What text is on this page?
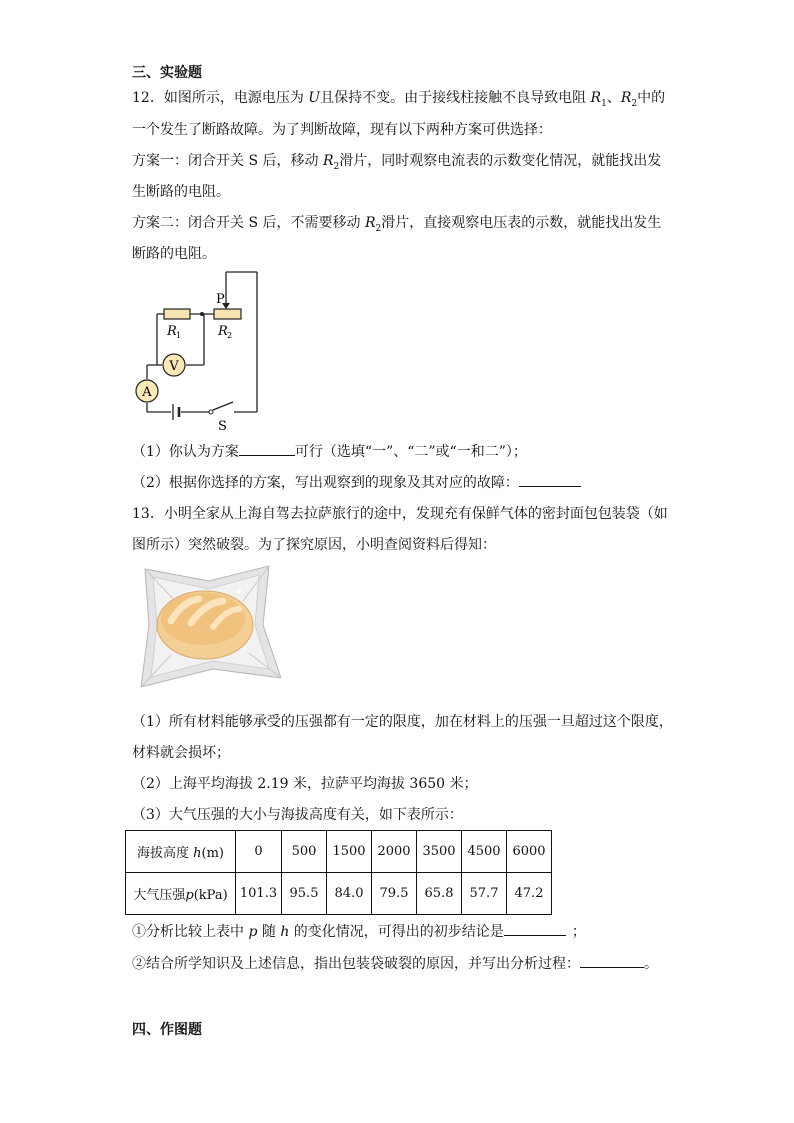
三、实验题
12．如图所示，电源电压为 U且保持不变。由于接线柱接触不良导致电阻 $R_1$、$R_2$中的
一个发生了断路故障。为了判断故障，现有以下两种方案可供选择：
方案一：闭合开关 S 后，移动 $R_2$滑片，同时观察电流表的示数变化情况，就能找出发
生断路的电阻。
方案二：闭合开关 S 后，不需要移动 $R_2$滑片，直接观察电压表的示数，就能找出发生
断路的电阻。
V
A
P
R 1	R 2
S
（1）你认为方案	可行（选填“一”、“二”或“一和二”）；
（2）根据你选择的方案，写出观察到的现象及其对应的故障：
13．小明全家从上海自驾去拉萨旅行的途中，发现充有保鲜气体的密封面包包装袋（如
图所示）突然破裂。为了探究原因，小明查阅资料后得知：
（1）所有材料能够承受的压强都有一定的限度，加在材料上的压强一旦超过这个限度，
材料就会损坏；
（2）上海平均海拔 2.19 米，拉萨平均海拔 3650 米；
（3）大气压强的大小与海拔高度有关，如下表所示：
海拔高度 h(m)	0	500	1500	2000	3500	4500	6000
大气压强p(kPa)	101.3	95.5	84.0	79.5	65.8	57.7	47.2
①分析比较上表中 p 随 h 的变化情况，可得出的初步结论是	；
②结合所学知识及上述信息，指出包装袋破裂的原因，并写出分析过程：	。
四、作图题
